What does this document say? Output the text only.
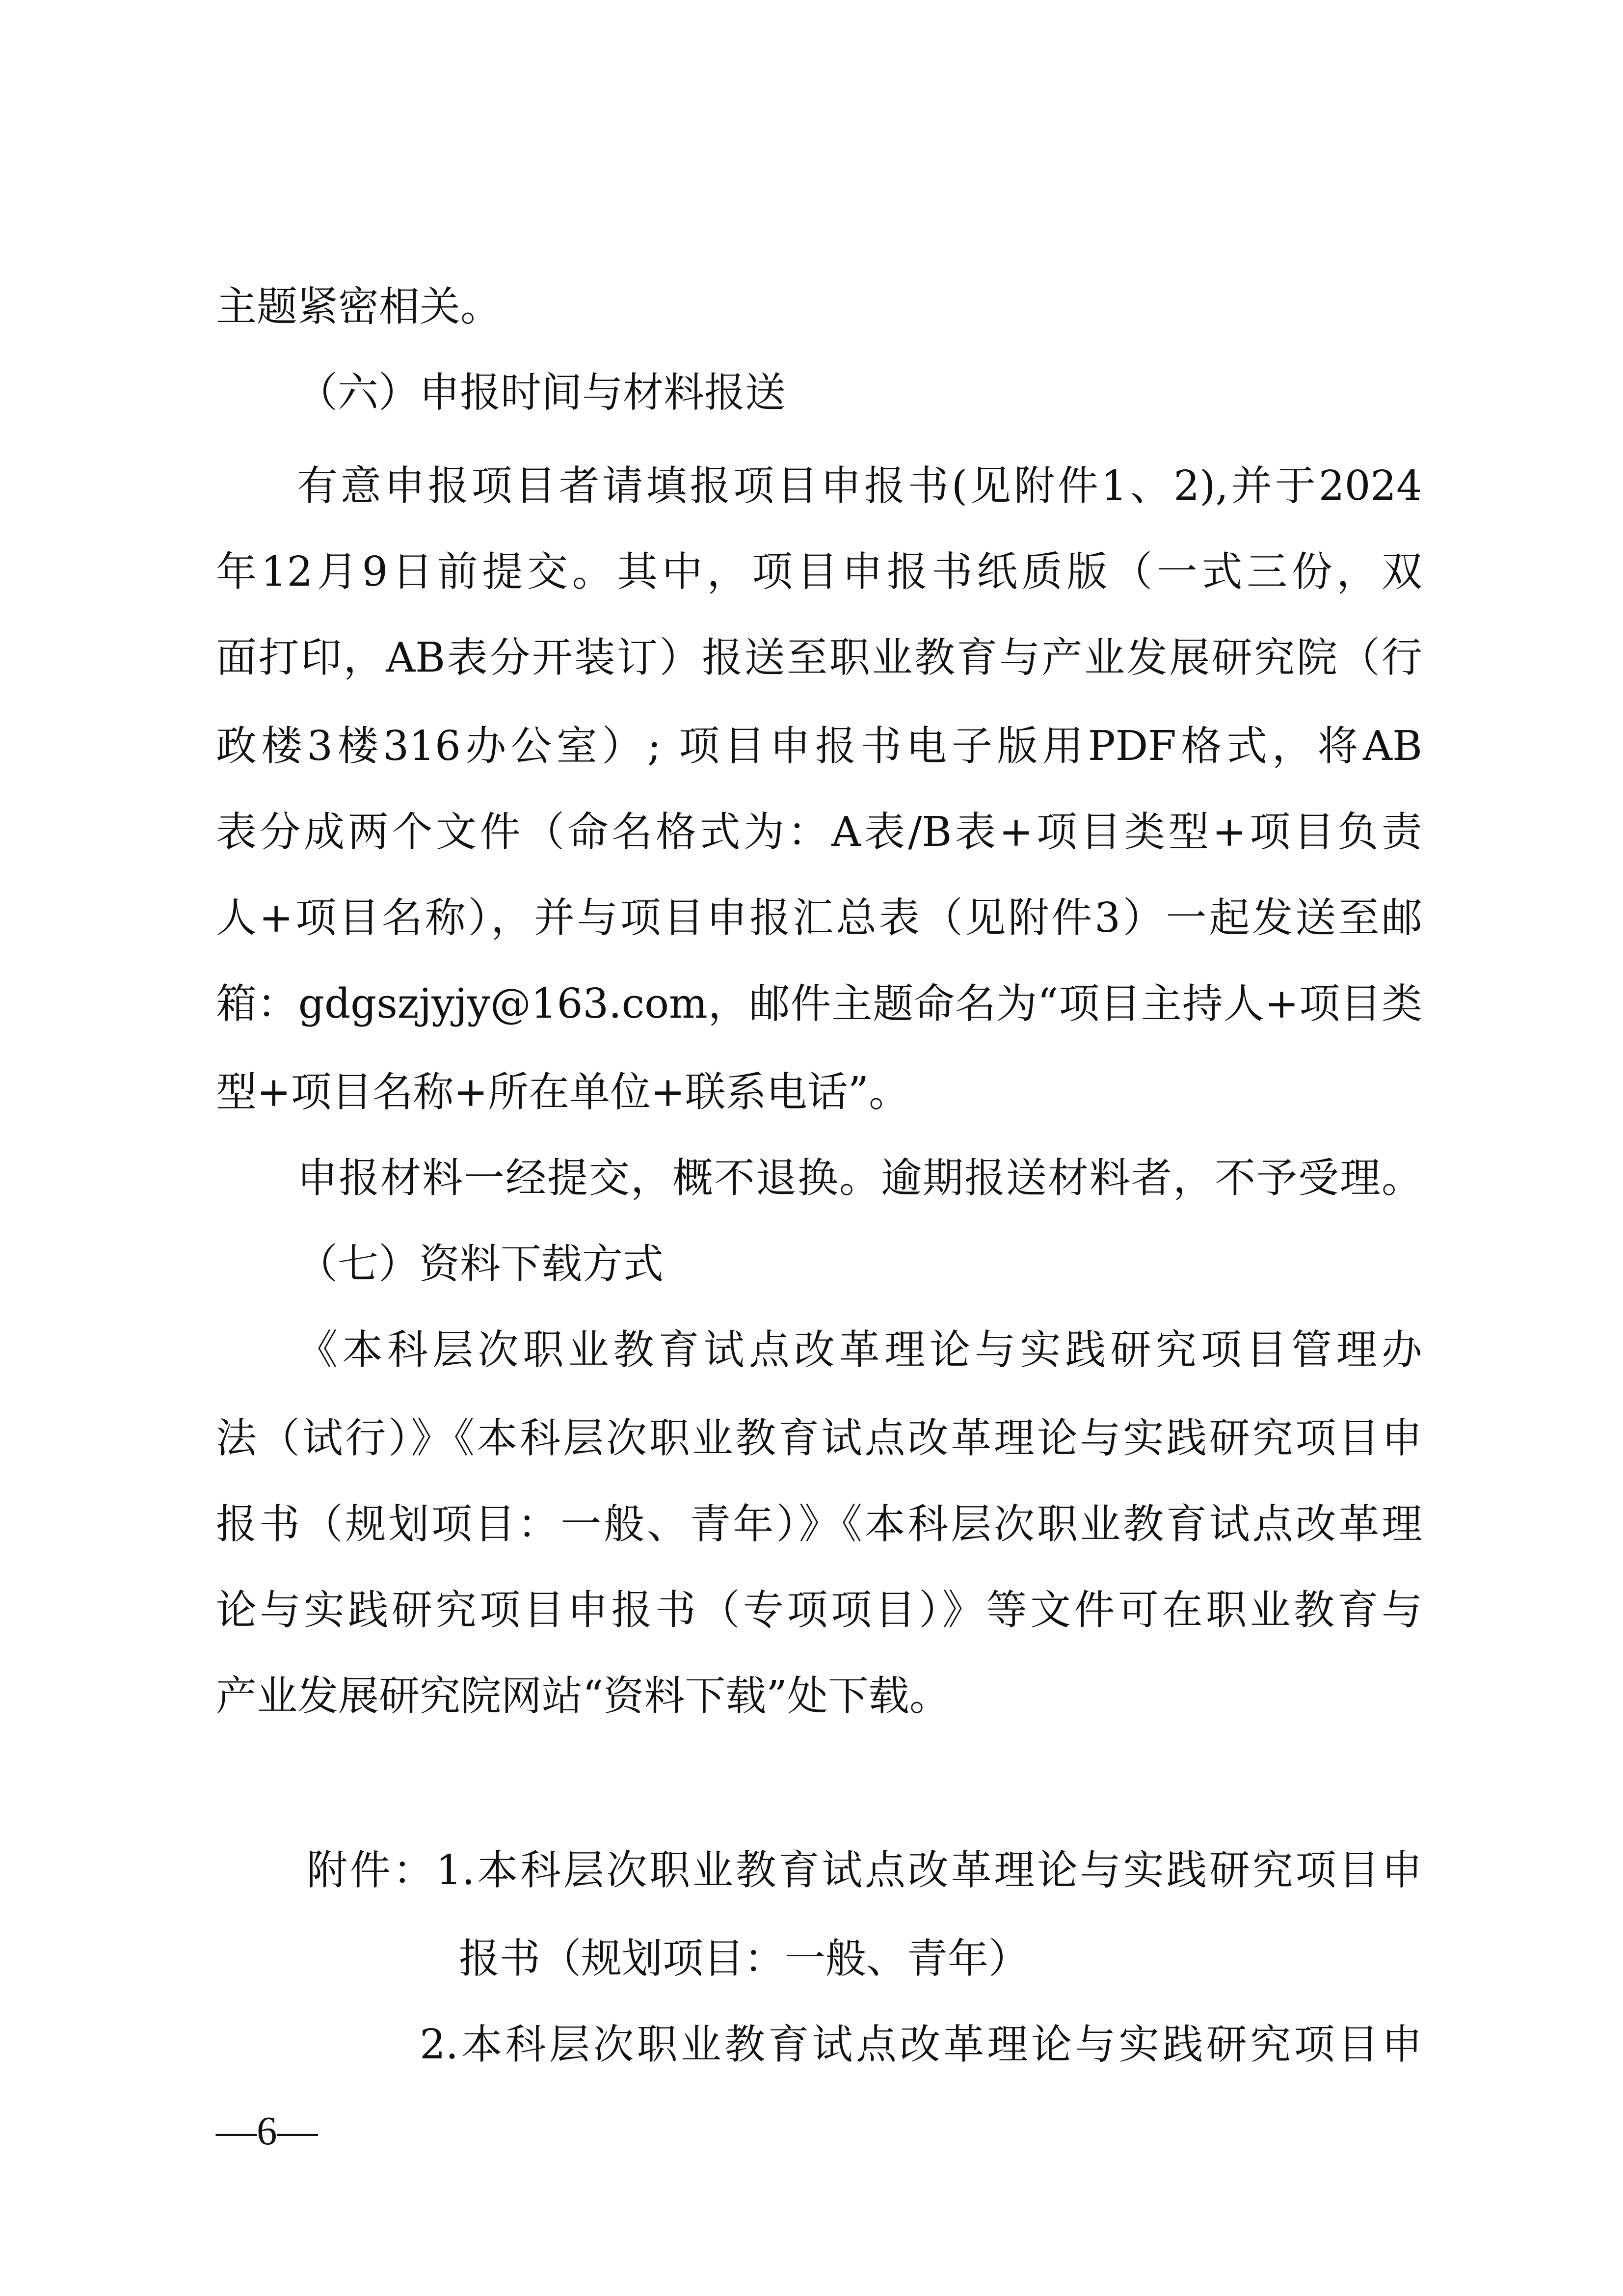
主题紧密相关。

（六）申报时间与材料报送

有意申报项目者请填报项目申报书(见附件1、2),并于2024

年12月9日前提交。其中，项目申报书纸质版（一式三份，双

面打印，AB表分开装订）报送至职业教育与产业发展研究院（行

政楼3楼316办公室）; 项目申报书电子版用PDF格式，将AB

表分成两个文件（命名格式为：A表/B表+项目类型+项目负责

人+项目名称），并与项目申报汇总表（见附件3）一起发送至邮

箱：gdgszjyjy@163.com，邮件主题命名为“项目主持人+项目类

型+项目名称+所在单位+联系电话”。

申报材料一经提交，概不退换。逾期报送材料者，不予受理。

（七）资料下载方式

《本科层次职业教育试点改革理论与实践研究项目管理办

法（试行）》《本科层次职业教育试点改革理论与实践研究项目申

报书（规划项目：一般、青年）》《本科层次职业教育试点改革理

论与实践研究项目申报书（专项项目）》等文件可在职业教育与

产业发展研究院网站“资料下载”处下载。

附件：1.本科层次职业教育试点改革理论与实践研究项目申

报书（规划项目：一般、青年）

2.本科层次职业教育试点改革理论与实践研究项目申

—6—
